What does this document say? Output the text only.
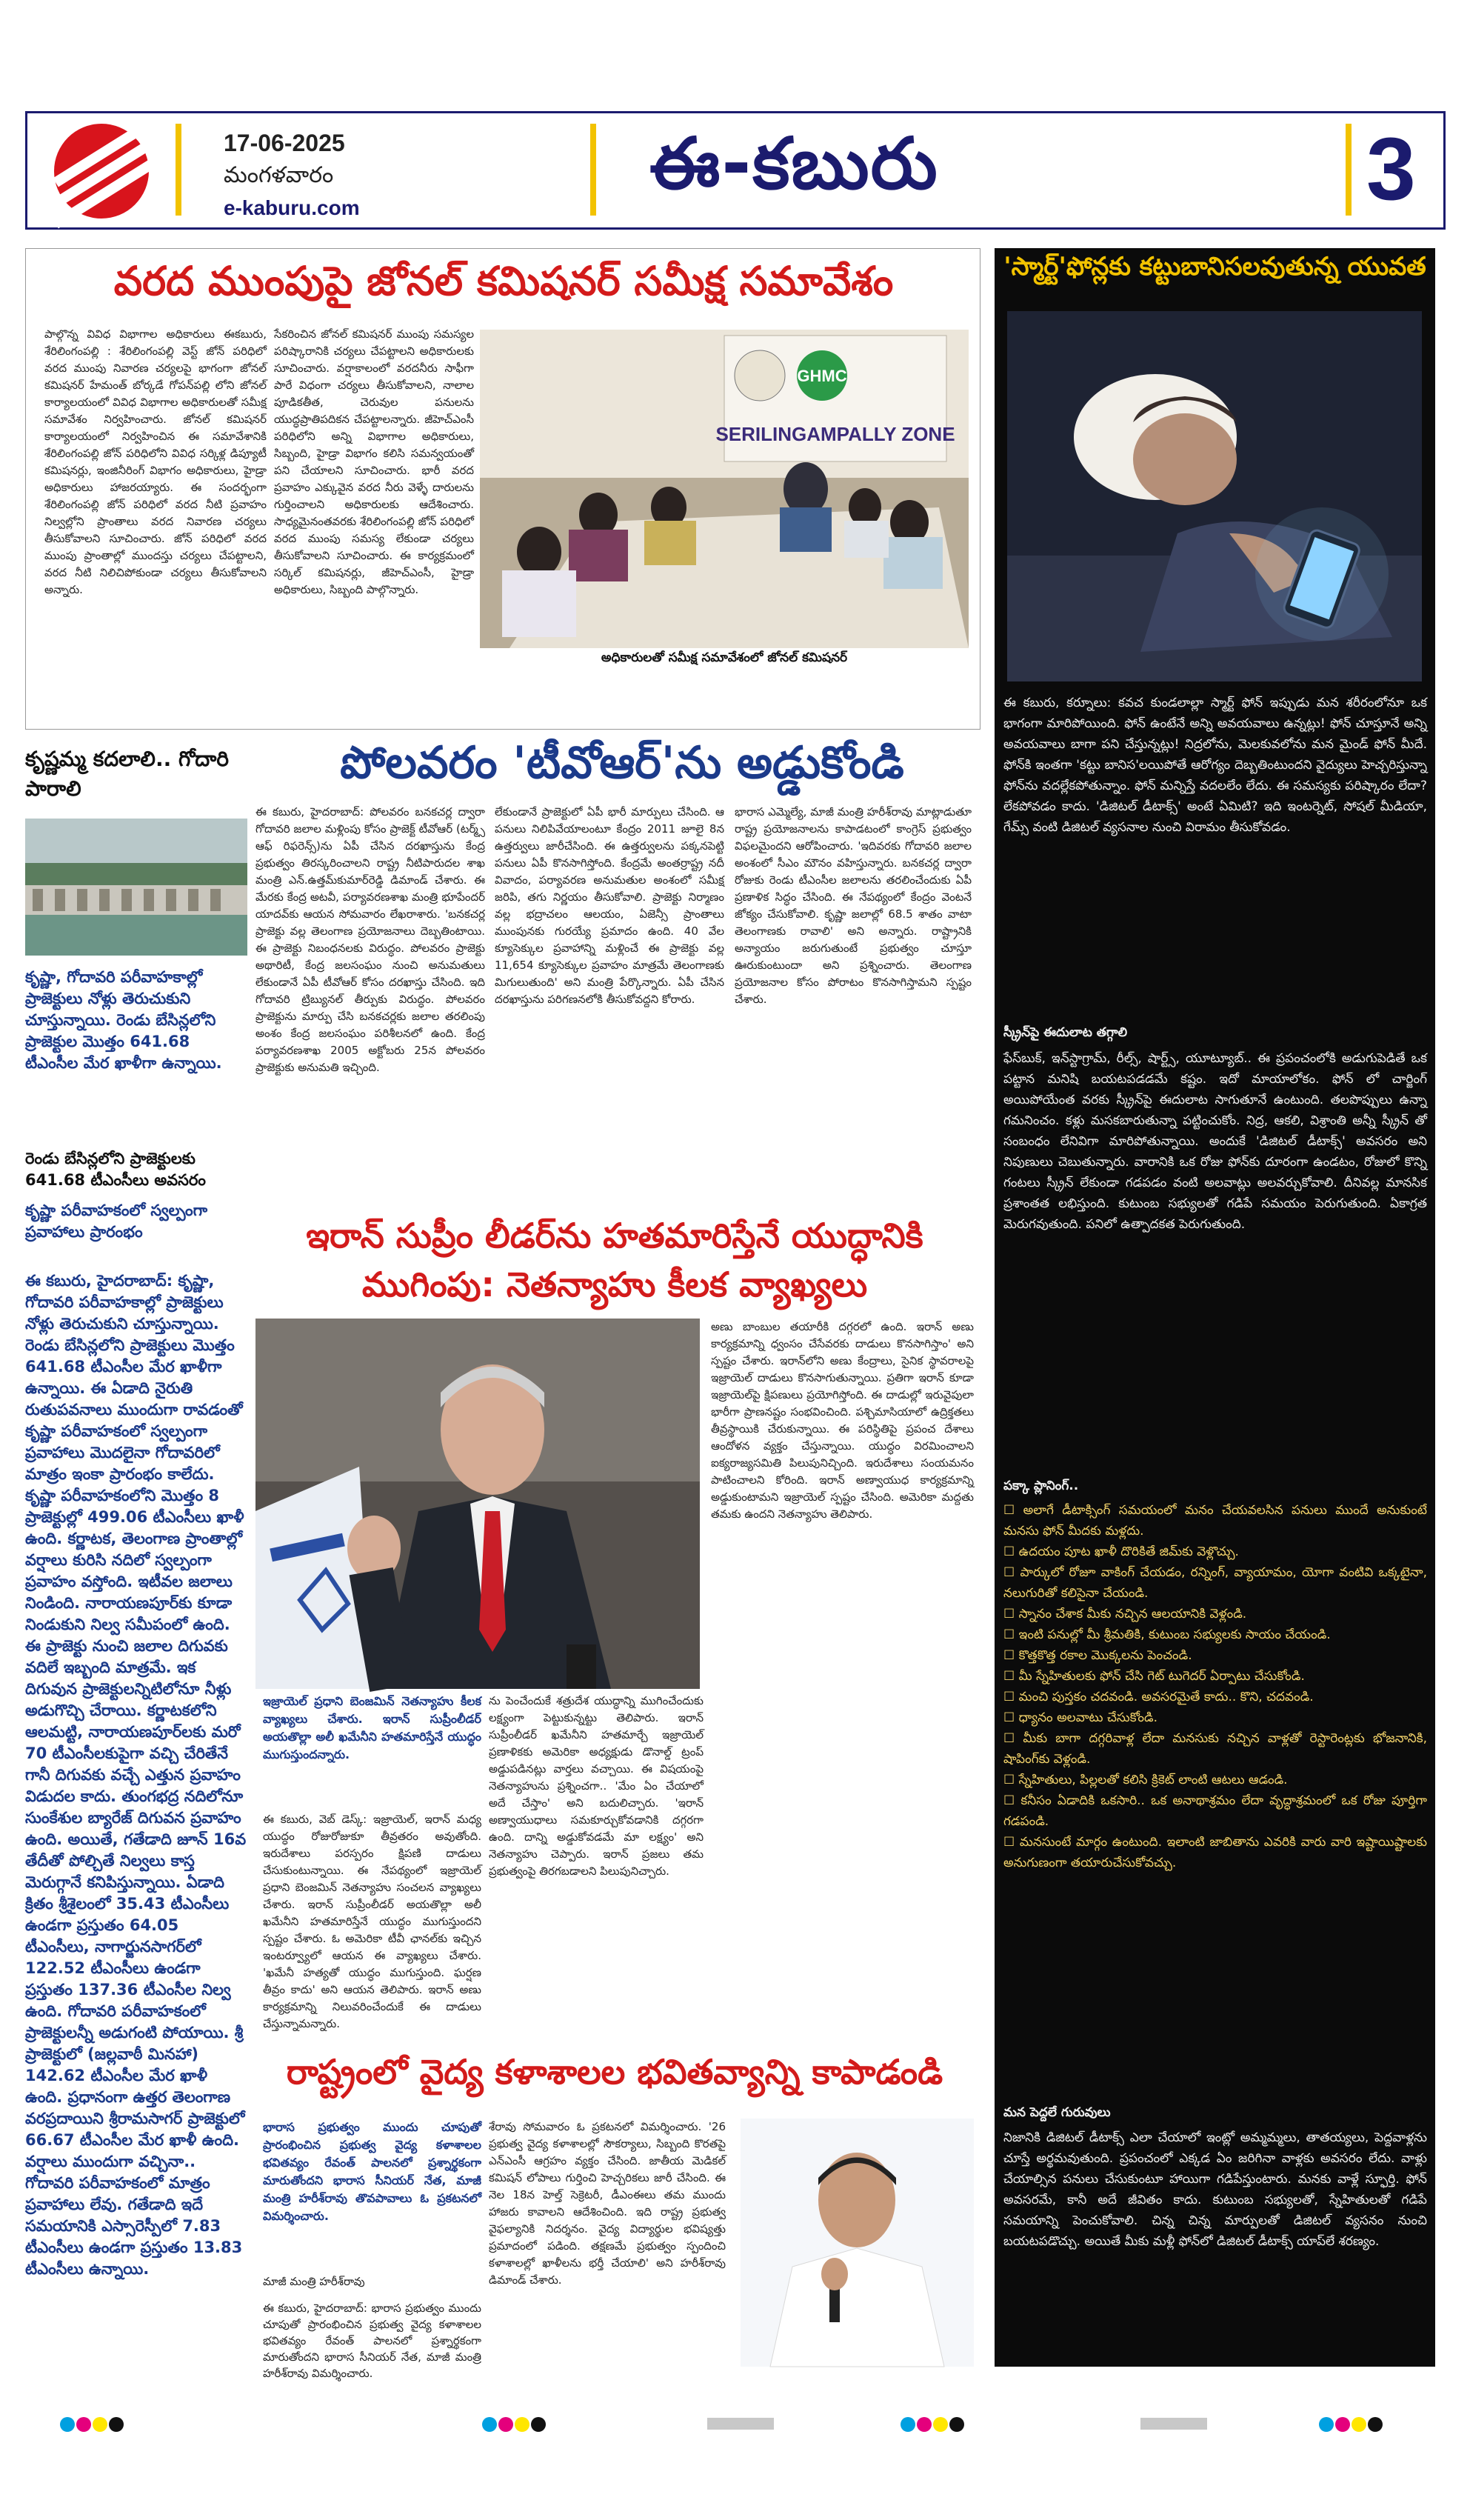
17-06-2025
మంగళవారం
e-kaburu.com
ఈ-కబురు	3
వరద ముంపుపై జోనల్ కమిషనర్ సమీక్ష సమావేశం
పాల్గొన్న వివిధ విభాగాల అధికారులు ఈకబురు, శేరిలింగంపల్లి : శేరిలింగంపల్లి వెస్ట్ జోన్ పరిధిలో వరద ముంపు నివారణ చర్యలపై భాగంగా జోనల్ కమిషనర్ హేమంత్ బోర్కడే గోపన్‌పల్లి లోని జోనల్ కార్యాలయంలో వివిధ విభాగాల అధికారులతో సమీక్ష సమావేశం నిర్వహించారు. జోనల్ కమిషనర్ కార్యాలయంలో నిర్వహించిన ఈ సమావేశానికి శేరిలింగంపల్లి జోన్ పరిధిలోని వివిధ సర్కిళ్ల డిప్యూటీ కమిషనర్లు, ఇంజినీరింగ్ విభాగం అధికారులు, హైడ్రా అధికారులు హాజరయ్యారు. ఈ సందర్భంగా శేరిలింగంపల్లి జోన్ పరిధిలో వరద నీటి ప్రవాహం నిల్వల్లోని ప్రాంతాలు వరద నివారణ చర్యలు తీసుకోవాలని సూచించారు. జోన్ పరిధిలో వరద ముంపు ప్రాంతాల్లో ముందస్తు చర్యలు చేపట్టాలని, వరద నీటి నిలిచిపోకుండా చర్యలు తీసుకోవాలని అన్నారు.
సేకరించిన జోనల్ కమిషనర్ ముంపు సమస్యల పరిష్కారానికి చర్యలు చేపట్టాలని అధికారులకు సూచించారు. వర్షాకాలంలో వరదనీరు సాఫీగా పారే విధంగా చర్యలు తీసుకోవాలని, నాలాల పూడికతీత, చెరువుల పనులను యుద్ధప్రాతిపదికన చేపట్టాలన్నారు. జీహెచ్ఎంసీ పరిధిలోని అన్ని విభాగాల అధికారులు, సిబ్బంది, హైడ్రా విభాగం కలిసి సమన్వయంతో పని చేయాలని సూచించారు. భారీ వరద ప్రవాహం ఎక్కువైన వరద నీరు వెళ్ళే దారులను గుర్తించాలని అధికారులకు ఆదేశించారు. సాధ్యమైనంతవరకు శేరిలింగంపల్లి జోన్ పరిధిలో వరద ముంపు సమస్య లేకుండా చర్యలు తీసుకోవాలని సూచించారు. ఈ కార్యక్రమంలో సర్కిల్ కమిషనర్లు, జీహెచ్ఎంసీ, హైడ్రా అధికారులు, సిబ్బంది పాల్గొన్నారు.
GHMC
SERILINGAMPALLY ZONE
అధికారులతో సమీక్ష సమావేశంలో జోనల్ కమిషనర్
కృష్ణమ్మ కదలాలి.. గోదారి పారాలి
కృష్ణా, గోదావరి పరీవాహకాల్లో ప్రాజెక్టులు నోళ్లు తెరుచుకుని చూస్తున్నాయి. రెండు బేసిన్లలోని ప్రాజెక్టుల మొత్తం 641.68 టీఎంసీల మేర ఖాళీగా ఉన్నాయి.
రెండు బేసిన్లలోని ప్రాజెక్టులకు 641.68 టీఎంసీలు అవసరం
కృష్ణా పరీవాహకంలో స్వల్పంగా ప్రవాహాలు ప్రారంభం
ఈ కబురు, హైదరాబాద్: కృష్ణా, గోదావరి పరీవాహకాల్లో ప్రాజెక్టులు నోళ్లు తెరుచుకుని చూస్తున్నాయి. రెండు బేసిన్లలోని ప్రాజెక్టులు మొత్తం 641.68 టీఎంసీల మేర ఖాళీగా ఉన్నాయి. ఈ ఏడాది నైరుతి రుతుపవనాలు ముందుగా రావడంతో కృష్ణా పరీవాహకంలో స్వల్పంగా ప్రవాహాలు మొదలైనా గోదావరిలో మాత్రం ఇంకా ప్రారంభం కాలేదు. కృష్ణా పరీవాహకంలోని మొత్తం 8 ప్రాజెక్టుల్లో 499.06 టీఎంసీలు ఖాళీ ఉంది. కర్ణాటక, తెలంగాణ ప్రాంతాల్లో వర్షాలు కురిసి నదిలో స్వల్పంగా ప్రవాహం వస్తోంది. ఇటీవల జలాలు నిండింది. నారాయణపూర్‌కు కూడా నిండుకుని నిల్వ సమీపంలో ఉంది. ఈ ప్రాజెక్టు నుంచి జలాల దిగువకు వదిలే ఇబ్బంది మాత్రమే. ఇక దిగువున ప్రాజెక్టులన్నిటిలోనూ నీళ్లు అడుగొచ్చి చేరాయి. కర్ణాటకలోని ఆలమట్టి, నారాయణపూర్‌లకు మరో 70 టీఎంసీలకుపైగా వచ్చి చేరితేనే గానీ దిగువకు వచ్చే ఎత్తున ప్రవాహం విడుదల కాదు. తుంగభద్ర నదిలోనూ సుంకేశుల బ్యారేజ్ దిగువన ప్రవాహం ఉంది. అయితే, గతేడాది జూన్ 16వ తేదీతో పోల్చితే నిల్వలు కాస్త మెరుగ్గానే కనిపిస్తున్నాయి. ఏడాది క్రితం శ్రీశైలంలో 35.43 టీఎంసీలు ఉండగా ప్రస్తుతం 64.05 టీఎంసీలు, నాగార్జునసాగర్‌లో 122.52 టీఎంసీలు ఉండగా ప్రస్తుతం 137.36 టీఎంసీల నిల్వ ఉంది. గోదావరి పరీవాహకంలో ప్రాజెక్టులన్నీ అడుగంటి పోయాయి. శ్రీ ప్రాజెక్టులో (జల్లవాఠీ మినహా) 142.62 టీఎంసీల మేర ఖాళీ ఉంది. ప్రధానంగా ఉత్తర తెలంగాణ వరప్రదాయిని శ్రీరామసాగర్ ప్రాజెక్టులో 66.67 టీఎంసీల మేర ఖాళీ ఉంది. వర్షాలు ముందుగా వచ్చినా.. గోదావరి పరీవాహకంలో మాత్రం ప్రవాహాలు లేవు. గతేడాది ఇదే సమయానికి ఎస్సారెస్పీలో 7.83 టీఎంసీలు ఉండగా ప్రస్తుతం 13.83 టీఎంసీలు ఉన్నాయి.
పోలవరం 'టీవోఆర్'ను అడ్డుకోండి
ఈ కబురు, హైదరాబాద్: పోలవరం బనకచర్ల ద్వారా గోదావరి జలాల మళ్లింపు కోసం ప్రాజెక్ట్ టీవోఆర్ (టర్మ్స్ ఆఫ్ రిఫరెన్స్)ను ఏపీ చేసిన దరఖాస్తును కేంద్ర ప్రభుత్వం తిరస్కరించాలని రాష్ట్ర నీటిపారుదల శాఖ మంత్రి ఎన్.ఉత్తమ్‌కుమార్‌రెడ్డి డిమాండ్ చేశారు. ఈ మేరకు కేంద్ర అటవీ, పర్యావరణశాఖ మంత్రి భూపేందర్ యాదవ్‌కు ఆయన సోమవారం లేఖరాశారు. 'బనకచర్ల ప్రాజెక్టు వల్ల తెలంగాణ ప్రయోజనాలు దెబ్బతింటాయి. ఈ ప్రాజెక్టు నిబంధనలకు విరుద్ధం. పోలవరం ప్రాజెక్టు అథారిటీ, కేంద్ర జలసంఘం నుంచి అనుమతులు లేకుండానే ఏపీ టీవోఆర్ కోసం దరఖాస్తు చేసింది. ఇది గోదావరి ట్రిబ్యునల్ తీర్పుకు విరుద్ధం. పోలవరం ప్రాజెక్టును మార్పు చేసి బనకచర్లకు జలాల తరలింపు అంశం కేంద్ర జలసంఘం పరిశీలనలో ఉంది. కేంద్ర పర్యావరణశాఖ 2005 అక్టోబరు 25న పోలవరం ప్రాజెక్టుకు అనుమతి ఇచ్చింది.
లేకుండానే ప్రాజెక్టులో ఏపీ భారీ మార్పులు చేసింది. ఆ పనులు నిలిపివేయాలంటూ కేంద్రం 2011 జూలై 8న ఉత్తర్వులు జారీచేసింది. ఈ ఉత్తర్వులను పక్కనపెట్టి పనులు ఏపీ కొనసాగిస్తోంది. కేంద్రమే అంతర్రాష్ట్ర నదీ వివాదం, పర్యావరణ అనుమతుల అంశంలో సమీక్ష జరిపి, తగు నిర్ణయం తీసుకోవాలి. ప్రాజెక్టు నిర్మాణం వల్ల భద్రాచలం ఆలయం, ఏజెన్సీ ప్రాంతాలు ముంపునకు గురయ్యే ప్రమాదం ఉంది. 40 వేల క్యూసెక్కుల ప్రవాహాన్ని మళ్లించే ఈ ప్రాజెక్టు వల్ల 11,654 క్యూసెక్కుల ప్రవాహం మాత్రమే తెలంగాణకు మిగులుతుంది' అని మంత్రి పేర్కొన్నారు. ఏపీ చేసిన దరఖాస్తును పరిగణనలోకి తీసుకోవద్దని కోరారు.
భారాస ఎమ్మెల్యే, మాజీ మంత్రి హరీశ్‌రావు మాట్లాడుతూ రాష్ట్ర ప్రయోజనాలను కాపాడటంలో కాంగ్రెస్ ప్రభుత్వం విఫలమైందని ఆరోపించారు. 'ఇదివరకు గోదావరి జలాల అంశంలో సీఎం మౌనం వహిస్తున్నారు. బనకచర్ల ద్వారా రోజుకు రెండు టీఎంసీల జలాలను తరలించేందుకు ఏపీ ప్రణాళిక సిద్ధం చేసింది. ఈ నేపథ్యంలో కేంద్రం వెంటనే జోక్యం చేసుకోవాలి. కృష్ణా జలాల్లో 68.5 శాతం వాటా తెలంగాణకు రావాలి' అని అన్నారు. రాష్ట్రానికి అన్యాయం జరుగుతుంటే ప్రభుత్వం చూస్తూ ఊరుకుంటుందా అని ప్రశ్నించారు. తెలంగాణ ప్రయోజనాల కోసం పోరాటం కొనసాగిస్తామని స్పష్టం చేశారు.
ఇరాన్ సుప్రీం లీడర్‌ను హతమారిస్తేనే యుద్ధానికి ముగింపు: నెతన్యాహు కీలక వ్యాఖ్యలు
ఇజ్రాయెల్ ప్రధాని బెంజమిన్ నెతన్యాహు కీలక వ్యాఖ్యలు చేశారు. ఇరాన్ సుప్రీంలీడర్ అయతొల్లా అలీ ఖమేనీని హతమారిస్తేనే యుద్ధం ముగుస్తుందన్నారు.
ఈ కబురు, వెబ్ డెస్క్: ఇజ్రాయెల్, ఇరాన్ మధ్య యుద్ధం రోజురోజుకూ తీవ్రతరం అవుతోంది. ఇరుదేశాలు పరస్పరం క్షిపణి దాడులు చేసుకుంటున్నాయి. ఈ నేపథ్యంలో ఇజ్రాయెల్ ప్రధాని బెంజమిన్ నెతన్యాహు సంచలన వ్యాఖ్యలు చేశారు. ఇరాన్ సుప్రీంలీడర్ అయతొల్లా అలీ ఖమేనీని హతమారిస్తేనే యుద్ధం ముగుస్తుందని స్పష్టం చేశారు. ఓ అమెరికా టీవీ ఛానల్‌కు ఇచ్చిన ఇంటర్వ్యూలో ఆయన ఈ వ్యాఖ్యలు చేశారు. 'ఖమేనీ హత్యతో యుద్ధం ముగుస్తుంది. ఘర్షణ తీవ్రం కాదు' అని ఆయన తెలిపారు. ఇరాన్ అణు కార్యక్రమాన్ని నిలువరించేందుకే ఈ దాడులు చేస్తున్నామన్నారు.
ను పెంచేందుకే శత్రుదేశ యుద్ధాన్ని ముగించేందుకు లక్ష్యంగా పెట్టుకున్నట్టు తెలిపారు. ఇరాన్ సుప్రీంలీడర్ ఖమేనీని హతమార్చే ఇజ్రాయెల్ ప్రణాళికకు అమెరికా అధ్యక్షుడు డొనాల్డ్ ట్రంప్ అడ్డుపడినట్లు వార్తలు వచ్చాయి. ఈ విషయంపై నెతన్యాహును ప్రశ్నించగా.. 'మేం ఏం చేయాలో అదే చేస్తాం' అని బదులిచ్చారు. 'ఇరాన్ అణ్వాయుధాలు సమకూర్చుకోవడానికి దగ్గరగా ఉంది. దాన్ని అడ్డుకోవడమే మా లక్ష్యం' అని నెతన్యాహు చెప్పారు. ఇరాన్ ప్రజలు తమ ప్రభుత్వంపై తిరగబడాలని పిలుపునిచ్చారు.
అణు బాంబుల తయారీకి దగ్గరలో ఉంది. ఇరాన్ అణు కార్యక్రమాన్ని ధ్వంసం చేసేవరకు దాడులు కొనసాగిస్తాం' అని స్పష్టం చేశారు. ఇరాన్‌లోని అణు కేంద్రాలు, సైనిక స్థావరాలపై ఇజ్రాయెల్ దాడులు కొనసాగుతున్నాయి. ప్రతిగా ఇరాన్ కూడా ఇజ్రాయెల్‌పై క్షిపణులు ప్రయోగిస్తోంది. ఈ దాడుల్లో ఇరువైపులా భారీగా ప్రాణనష్టం సంభవించింది. పశ్చిమాసియాలో ఉద్రిక్తతలు తీవ్రస్థాయికి చేరుకున్నాయి. ఈ పరిస్థితిపై ప్రపంచ దేశాలు ఆందోళన వ్యక్తం చేస్తున్నాయి. యుద్ధం విరమించాలని ఐక్యరాజ్యసమితి పిలుపునిచ్చింది. ఇరుదేశాలు సంయమనం పాటించాలని కోరింది. ఇరాన్ అణ్వాయుధ కార్యక్రమాన్ని అడ్డుకుంటామని ఇజ్రాయెల్ స్పష్టం చేసింది. అమెరికా మద్దతు తమకు ఉందని నెతన్యాహు తెలిపారు.
రాష్ట్రంలో వైద్య కళాశాలల భవితవ్యాన్ని కాపాడండి
భారాస ప్రభుత్వం ముందు చూపుతో ప్రారంభించిన ప్రభుత్వ వైద్య కళాశాలల భవితవ్యం రేవంత్ పాలనలో ప్రశ్నార్థకంగా మారుతోందని భారాస సీనియర్ నేత, మాజీ మంత్రి హరీశ్‌రావు తొవపావాలు ఓ ప్రకటనలో విమర్శించారు.
మాజీ మంత్రి హరీశ్‌రావు
ఈ కబురు, హైదరాబాద్: భారాస ప్రభుత్వం ముందు చూపుతో ప్రారంభించిన ప్రభుత్వ వైద్య కళాశాలల భవితవ్యం రేవంత్ పాలనలో ప్రశ్నార్థకంగా మారుతోందని భారాస సీనియర్ నేత, మాజీ మంత్రి హరీశ్‌రావు విమర్శించారు.
శేరావు సోమవారం ఓ ప్రకటనలో విమర్శించారు. '26 ప్రభుత్వ వైద్య కళాశాలల్లో సౌకర్యాలు, సిబ్బంది కొరతపై ఎన్ఎంసీ ఆగ్రహం వ్యక్తం చేసింది. జాతీయ మెడికల్ కమిషన్ లోపాలు గుర్తించి హెచ్చరికలు జారీ చేసింది. ఈ నెల 18న హెల్త్ సెక్రెటరీ, డీఎంఈలు తమ ముందు హాజరు కావాలని ఆదేశించింది. ఇది రాష్ట్ర ప్రభుత్వ వైఫల్యానికి నిదర్శనం. వైద్య విద్యార్థుల భవిష్యత్తు ప్రమాదంలో పడింది. తక్షణమే ప్రభుత్వం స్పందించి కళాశాలల్లో ఖాళీలను భర్తీ చేయాలి' అని హరీశ్‌రావు డిమాండ్ చేశారు.
'స్మార్ట్'ఫోన్లకు కట్టుబానిసలవుతున్న యువత
ఈ కబురు, కర్నూలు: కవచ కుండలాల్లా స్మార్ట్ ఫోన్ ఇప్పుడు మన శరీరంలోనూ ఒక భాగంగా మారిపోయింది. ఫోన్ ఉంటేనే అన్ని అవయవాలు ఉన్నట్లు! ఫోన్ చూస్తూనే అన్ని అవయవాలు బాగా పని చేస్తున్నట్లు! నిద్రలోను, మెలకువలోను మన మైండ్ ఫోన్ మీదే. ఫోన్‌కి ఇంతగా 'కట్టు బానిస'లయిపోతే ఆరోగ్యం దెబ్బతింటుందని వైద్యులు హెచ్చరిస్తున్నా ఫోన్‌ను వదల్లేకపోతున్నాం. ఫోన్ మన్నిస్తే వదలలేం లేదు. ఈ సమస్యకు పరిష్కారం లేదా? లేకపోవడం కాదు. 'డిజిటల్ డీటాక్స్' అంటే ఏమిటి? ఇది ఇంటర్నెట్, సోషల్ మీడియా, గేమ్స్ వంటి డిజిటల్ వ్యసనాల నుంచి విరామం తీసుకోవడం.
స్క్రీన్‌పై ఈదులాట తగ్గాలి
ఫేస్‌బుక్, ఇన్‌స్టాగ్రామ్, రీల్స్, షార్ట్స్, యూట్యూబ్.. ఈ ప్రపంచంలోకి అడుగుపెడితే ఒక పట్టాన మనిషి బయటపడడమే కష్టం. ఇదో మాయాలోకం. ఫోన్ లో చార్జింగ్ అయిపోయేంత వరకు స్క్రీన్‌పై ఈదులాట సాగుతూనే ఉంటుంది. తలపొప్పులు ఉన్నా గమనించం. కళ్లు మసకబారుతున్నా పట్టించుకోం. నిద్ర, ఆకలి, విశ్రాంతి అన్నీ స్క్రీన్ తో సంబంధం లేనివిగా మారిపోతున్నాయి. అందుకే 'డిజిటల్ డీటాక్స్' అవసరం అని నిపుణులు చెబుతున్నారు. వారానికి ఒక రోజు ఫోన్‌కు దూరంగా ఉండటం, రోజులో కొన్ని గంటలు స్క్రీన్ లేకుండా గడపడం వంటి అలవాట్లు అలవర్చుకోవాలి. దీనివల్ల మానసిక ప్రశాంతత లభిస్తుంది. కుటుంబ సభ్యులతో గడిపే సమయం పెరుగుతుంది. ఏకాగ్రత మెరుగవుతుంది. పనిలో ఉత్పాదకత పెరుగుతుంది.
పక్కా ప్లానింగ్..
☐ అలాగే డీటాక్సింగ్ సమయంలో మనం చేయవలసిన పనులు ముందే అనుకుంటే మనసు ఫోన్ మీదకు మళ్లదు.
☐ ఉదయం పూట ఖాళీ దొరికితే జిమ్‌కు వెళ్లొచ్చు.
☐ పార్కులో రోజూ వాకింగ్ చేయడం, రన్నింగ్, వ్యాయామం, యోగా వంటివి ఒక్కటైనా, నలుగురితో కలిసైనా చేయండి.
☐ స్నానం చేశాక మీకు నచ్చిన ఆలయానికి వెళ్లండి.
☐ ఇంటి పనుల్లో మీ శ్రీమతికి, కుటుంబ సభ్యులకు సాయం చేయండి.
☐ కొత్తకొత్త రకాల మొక్కలను పెంచండి.
☐ మీ స్నేహితులకు ఫోన్ చేసి గెట్ టుగెదర్ ఏర్పాటు చేసుకోండి.
☐ మంచి పుస్తకం చదవండి. అవసరమైతే కాదు.. కొని, చదవండి.
☐ ధ్యానం అలవాటు చేసుకోండి.
☐ మీకు బాగా దగ్గరివాళ్ల లేదా మనసుకు నచ్చిన వాళ్లతో రెస్టారెంట్లకు భోజనానికి, షాపింగ్‌కు వెళ్లండి.
☐ స్నేహితులు, పిల్లలతో కలిసి క్రికెట్ లాంటి ఆటలు ఆడండి.
☐ కనీసం ఏడాదికి ఒకసారి.. ఒక అనాథాశ్రమం లేదా వృద్ధాశ్రమంలో ఒక రోజు పూర్తిగా గడపండి.
☐ మనసుంటే మార్గం ఉంటుంది. ఇలాంటి జాబితాను ఎవరికి వారు వారి ఇష్టాయిష్టాలకు అనుగుణంగా తయారుచేసుకోవచ్చు.
మన పెద్దలే గురువులు
నిజానికి డిజిటల్ డీటాక్స్ ఎలా చేయాలో ఇంట్లో అమ్మమ్మలు, తాతయ్యలు, పెద్దవాళ్లను చూస్తే అర్థమవుతుంది. ప్రపంచంలో ఎక్కడ ఏం జరిగినా వాళ్లకు అవసరం లేదు. వాళ్లు చేయాల్సిన పనులు చేసుకుంటూ హాయిగా గడిపేస్తుంటారు. మనకు వాళ్లే స్ఫూర్తి. ఫోన్ అవసరమే, కానీ అదే జీవితం కాదు. కుటుంబ సభ్యులతో, స్నేహితులతో గడిపే సమయాన్ని పెంచుకోవాలి. చిన్న చిన్న మార్పులతో డిజిటల్ వ్యసనం నుంచి బయటపడొచ్చు. అయితే మీకు మళ్లీ ఫోన్‌లో డిజిటల్ డీటాక్స్ యాప్‌లే శరణ్యం.
